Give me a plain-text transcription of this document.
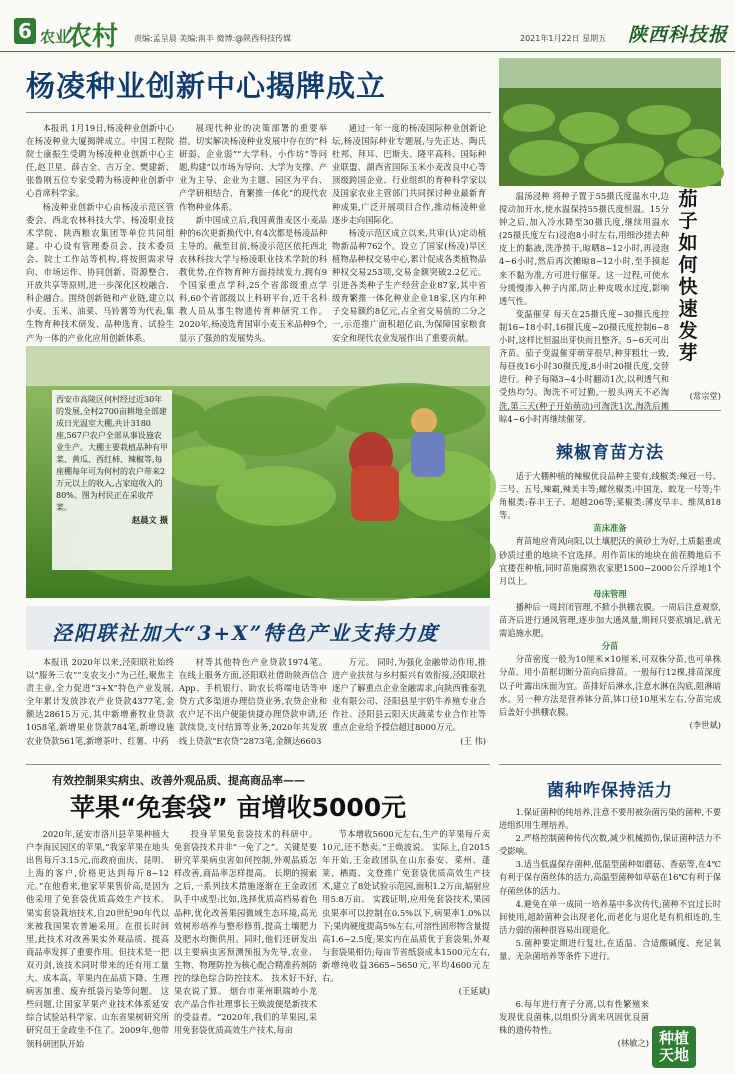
6 农业
农村 责编:孟呈晨 美编:南丰 微博:@陕西科技传媒	2021年1月22日 星期五 陕西科技报
杨凌种业创新中心揭牌成立

本报讯 1月19日,杨凌种业创新中心在杨凌种业大厦揭牌成立。中国工程院院士康振生受聘为杨凌种业创新中心主任,赵卫星、薛吉全、吉万全、樊建新、张鲁刚五位专家受聘为杨凌种业创新中心首席科学家。

杨凌种业创新中心由杨凌示范区管委会、西北农林科技大学、杨凌职业技术学院、陕西粮农集团等单位共同组建。中心设有管理委员会、技术委员会、院士工作站等机构,将按照需求导向、市场运作、协同创新、资源整合、开放共享等原则,进一步深化区校融合、科企融合。围绕创新链和产业链,建立以小麦、玉米、油菜、马铃薯等为代表,集生物育种技术研发、品种选育、试验生产为一体的产业化应用创新体系。

展现代种业的决策部署的重要举措。切实解决杨凌种业发展中存在的“科研弱、企业弱”“大学科、小作坊”等问题,构建“以市场为导向、大学为支撑、产业为主导、企业为主题、园区为平台、产学研相结合、育繁推一体化”的现代农作物种业体系。

新中国成立后,我国黄淮麦区小麦品种的6次更新换代中,有4次都是杨凌品种主导的。截至目前,杨凌示范区依托西北农林科技大学与杨凌职业技术学院的科教优势,在作物育种方面持续发力,拥有9个国家重点学科,25个省部级重点学科,60个省部级以上科研平台,近千名科教人员从事生物遗传育种研究工作。2020年,杨凌选育国审小麦玉米品种9个,显示了强劲的发展势头。

通过一年一度的杨凌国际种业创新论坛,杨凌国际种业专题展,与先正达、陶氏杜邦、拜耳、巴斯夫、隆平高科、国际种业联盟、湖西省国际玉米小麦改良中心等顶级跨国企业、行业组织的育种科学家以及国家农业主管部门共同探讨种业最新育种成果,广泛开展项目合作,推动杨凌种业逐步走向国际化。

杨凌示范区成立以来,共审(认)定动植物新品种762个。设立了国家(杨凌)旱区植物品种权交易中心,累计促成各类植物品种权交易253项,交易金额突破2.2亿元。引进各类种子生产经营企业87家,其中省级育繁推一体化种业企业18家,区内年种子交易额约8亿元,占全省交易值的二分之一,示范推广面积超亿亩,为保障国家粮食安全和现代农业发展作出了重要贡献。

西安市高陵区何村经过近30年的发展,全村2700亩耕地全部建成日光温室大棚,共计3180座,567户农户全部从事设施农业生产。大棚主要栽植品种有甲菜、黄瓜、西红柿、辣椒等,每座棚每年可为何村的农户带来2万元以上的收入,占家庭收入的80%。图为村民正在采收芹菜。
赵晨文 摄
泾阳联社加大“3+X”特色产业支持力度

本报讯 2020年以来,泾阳联社始终以“服务三农”“支农支小”为己任,聚焦主责主业,全力促进“3+X”特色产业发展,全年累计发放涉农产业贷款4377笔,金额达28615万元,其中新增畜牧业贷款1058笔,新增果业贷款784笔,新增设施农业贷款561笔,新增茶叶、红薯、中药

材等其他特色产业贷款1974笔。 在线上服务方面,泾阳联社借助陕西信合App、手机银行、助农长将端电话等申贷方式多渠道办理信贷业务,农贷企业和农户足不出户便能快捷办理贷款申请,还款续贷,支付结算等业务,2020年共发放线上贷款“E农贷”2873笔,金额达6603

万元。 同时,为强化金融带动作用,推进产业扶贫与乡村振兴有效衔接,泾阳联社逐户了解重点企业金融需求,向陕西雅泰乳业有限公司、泾阳县星宇奶牛养殖专业合作社、泾阳县云阳天庆蔬菜专业合作社等重点企业给予授信超过8000万元。

(王 伟)

有效控制果实病虫、改善外观品质、提高商品率——
苹果“免套袋” 亩增收5000元

2020年,延安市洛川县苹果种植大户李海民园区的苹果,“我家苹果在地头出售每斤3.15元,而政府面庆、昆明、上海的客户,价格更达到每斤8~12元。”在他看来,他家苹果售价高,是因为他采用了免套袋优质高效生产技术。 果实套袋栽培技术,自20世纪90年代以来被我国果农普遍采用。在很长时间里,此技术对改善果实外观品质、提高商品率发挥了重要作用。但技术是一把双刃剑,该技术同时带来的还有用工量大、成本高、苹果内在品质下降、生理病害加重、废弃纸袋污染等问题。 这些问题,让国家苹果产业技术体系延安综合试验站科学家、山东省果树研究所研究员王金政坐不住了。2009年,他带领科研团队开始

投身苹果免套袋技术的科研中。 免套袋技术并非“一免了之”。关键是要研究苹果病虫害如何控制,外观品质怎样改善,商品率怎样提高。 长期的摸索之后,一系列技术措施逐渐在王金政团队手中成型:比如,选择优质高档易着色品种,优化改善果园微域生态环境,高光效树形培养与整形修剪,提高土壤肥力及肥水均衡供用。同时,他们还研发出以主要病虫害预测预报为先导,农业、生物、物理防控为核心配合精准药剂防控的绿色综合防控技术。 技术好不好,果农说了算。 烟台市莱州职瑞岭小龙农产品合作社理事长王焕波便是新技术的受益者。“2020年,我们的苹果园,采用免套袋优质高效生产技术,每亩

节本增收5600元左右,生产的苹果每斤卖10元,还不愁卖。”王焕波说。 实际上,自2015年开始,王金政团队在山东泰安、菜州、蓬莱、栖霞、文登推广免套袋优质高效生产技术,建立了8处试验示范园,面积1.2万亩,辐射应用5.8万亩。 实践证明,应用免套袋技术,果园虫果率可以控制在0.5%以下,病果率1.0%以下;果肉硬度提高5%左右,可溶性固形物含量提高1.6~2.5度;果实内在品质优于套袋果,外观与套袋果相仿;每亩节省纸袋成本1500元左右,新增纯收益3665~5650元,平均4600元左右。

(王延斌)

温汤浸种 将种子置于55摄氏度温水中,边搅动加开水,使水温保持55摄氏度恒温。15分钟之后,加入冷水降至30摄氏度,继续用温水(25摄氏度左右)浸泡8小时左右,用细沙搓去种皮上的黏液,洗净捞干,晾晒8~12小时,再浸泡4~6小时,然后再次摊晾8~12小时,至手摸起来不黏为准,方可进行催芽。这一过程,可使水分缓慢渗入种子内部,防止种皮吸水过度,影响透气性。

变温催芽 每天在25摄氏度~30摄氏度控制16~18小时,16摄氏度~20摄氏度控制6~8小时,这样比恒温出芽快而且整齐。5~6天可出齐苗。茄子变温催芽萌芽很早,种芽粗壮一致,每昼夜16小时30摄氏度,8小时20摄氏度,交替进行。种子每隔3~4小时翻动1次,以利透气和受热均匀。淘洗不可过勤,一般头两天不必淘洗,第三天(种子开始萌动)可淘洗1次,淘洗后摊晾4~6小时再继续催芽。

(常宗堂)
茄子如何快速发芽
辣椒育苗方法

适于大棚种植的辣椒优良品种主要有,线椒类:辣冠一号、三号、五号,辣霸,辣美丰等;螺丝椒类:中国龙、蛟龙一号等;牛角椒类:春丰王子、超越206等;菜椒类:薄皮早丰、维凤818等。

苗床准备

育苗地应背风向阳,以土壤肥沃的黄砂土为好,土质黏重或砂质过重的地块不宜选择。用作苗床的地块在前茬腾地后不宜搂茬种植,同时苗施腐熟农家肥1500~2000公斤浮地1个月以上。

母床管理

播种后一周封闭管理,不掀小拱棚农膜。一周后注意观察,苗齐后进行通风管理,逐步加大通风量,期间只要底墒足,就无需追施水肥。

分苗

分苗密度一般为10厘米×10厘米,可双株分苗,也可单株分苗。用小苗框切断分苗向后排苗。一般每行12棵,排苗深度以子叶露出床面为宜。苗排好后淋水,注意水淋在沟底,阻淋暗水。另一种方法是营养钵分苗,钵口径10厘米左右,分苗完成后盖好小拱棚农膜。

(李世斌)

菌种咋保持活力

1.保证菌种的纯培养,注意不要用被杂菌污染的菌种,不要进组织用生理培养。

2.严格控制菌种传代次数,减少机械损伤,保证菌种活力不受影响。

3.适当低温保存菌种,低温型菌种如蘑菇、香菇等,在4℃有利于保存菌丝体的活力,高温型菌种如草菇在16℃有利于保存菌丝体的活力。

4.避免在单一成同一培养基中多次传代;菌种不宜过长时间使用,超龄菌种会出现老化,而老化与退化是有机相连的,生活力弱的菌种很容易出现退化。

5.菌种要定期进行复壮,在适温、合适酸碱度、充足氧量、无杂菌培养等条件下进行。

6.每年进行育子分离,以有性繁殖来发现优良菌株,以组织分离来巩固优良菌株的遗传特性。

(林敏之) 种植天地
